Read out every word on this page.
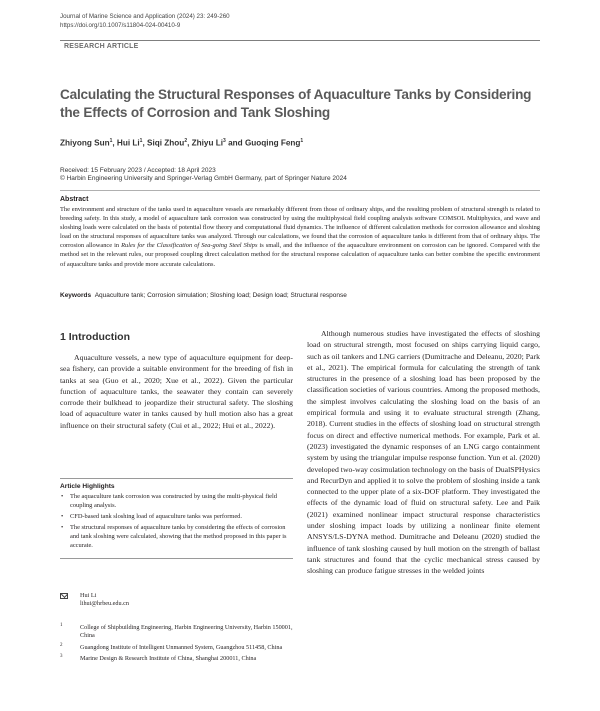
Journal of Marine Science and Application (2024) 23: 249-260
https://doi.org/10.1007/s11804-024-00410-9
RESEARCH ARTICLE
Calculating the Structural Responses of Aquaculture Tanks by Considering the Effects of Corrosion and Tank Sloshing
Zhiyong Sun$^1$, Hui Li$^1$, Siqi Zhou$^2$, Zhiyu Li$^3$ and Guoqing Feng$^1$
Received: 15 February 2023 / Accepted: 18 April 2023
© Harbin Engineering University and Springer-Verlag GmbH Germany, part of Springer Nature 2024
Abstract

The environment and structure of the tanks used in aquaculture vessels are remarkably different from those of ordinary ships, and the resulting problem of structural strength is related to breeding safety. In this study, a model of aquaculture tank corrosion was constructed by using the multiphysical field coupling analysis software COMSOL Multiphysics, and wave and sloshing loads were calculated on the basis of potential flow theory and computational fluid dynamics. The influence of different calculation methods for corrosion allowance and sloshing load on the structural responses of aquaculture tanks was analyzed. Through our calculations, we found that the corrosion of aquaculture tanks is different from that of ordinary ships. The corrosion allowance in Rules for the Classification of Sea-going Steel Ships is small, and the influence of the aquaculture environment on corrosion can be ignored. Compared with the method set in the relevant rules, our proposed coupling direct calculation method for the structural response calculation of aquaculture tanks can better combine the specific environment of aquaculture tanks and provide more accurate calculations.

Keywords Aquaculture tank; Corrosion simulation; Sloshing load; Design load; Structural response
1 Introduction

Aquaculture vessels, a new type of aquaculture equipment for deep-sea fishery, can provide a suitable environment for the breeding of fish in tanks at sea (Guo et al., 2020; Xue et al., 2022). Given the particular function of aquaculture tanks, the seawater they contain can severely corrode their bulkhead to jeopardize their structural safety. The sloshing load of aquaculture water in tanks caused by hull motion also has a great influence on their structural safety (Cui et al., 2022; Hui et al., 2022).

Although numerous studies have investigated the effects of sloshing load on structural strength, most focused on ships carrying liquid cargo, such as oil tankers and LNG carriers (Dumitrache and Deleanu, 2020; Park et al., 2021). The empirical formula for calculating the strength of tank structures in the presence of a sloshing load has been proposed by the classification societies of various countries. Among the proposed methods, the simplest involves calculating the sloshing load on the basis of an empirical formula and using it to evaluate structural strength (Zhang, 2018). Current studies in the effects of sloshing load on structural strength focus on direct and effective numerical methods. For example, Park et al. (2023) investigated the dynamic responses of an LNG cargo containment system by using the triangular impulse response function. Yun et al. (2020) developed two-way cosimulation technology on the basis of DualSPHysics and RecurDyn and applied it to solve the problem of sloshing inside a tank connected to the upper plate of a six-DOF platform. They investigated the effects of the dynamic load of fluid on structural safety. Lee and Paik (2021) examined nonlinear impact structural response characteristics under sloshing impact loads by utilizing a nonlinear finite element ANSYS/LS-DYNA method. Dumitrache and Deleanu (2020) studied the influence of tank sloshing caused by hull motion on the strength of ballast tank structures and found that the cyclic mechanical stress caused by sloshing can produce fatigue stresses in the welded joints

Article Highlights
• The aquaculture tank corrosion was constructed by using the multi-physical field coupling analysis.
• CFD-based tank sloshing load of aquaculture tanks was performed.
• The structural responses of aquaculture tanks by considering the effects of corrosion and tank sloshing were calculated, showing that the method proposed in this paper is accurate.
Hui Li
lihui@hrbeu.edu.cn
1	College of Shipbuilding Engineering, Harbin Engineering University, Harbin 150001, China
2	Guangdong Institute of Intelligent Unmanned System, Guangzhou 511458, China
3	Marine Design & Research Institute of China, Shanghai 200011, China
